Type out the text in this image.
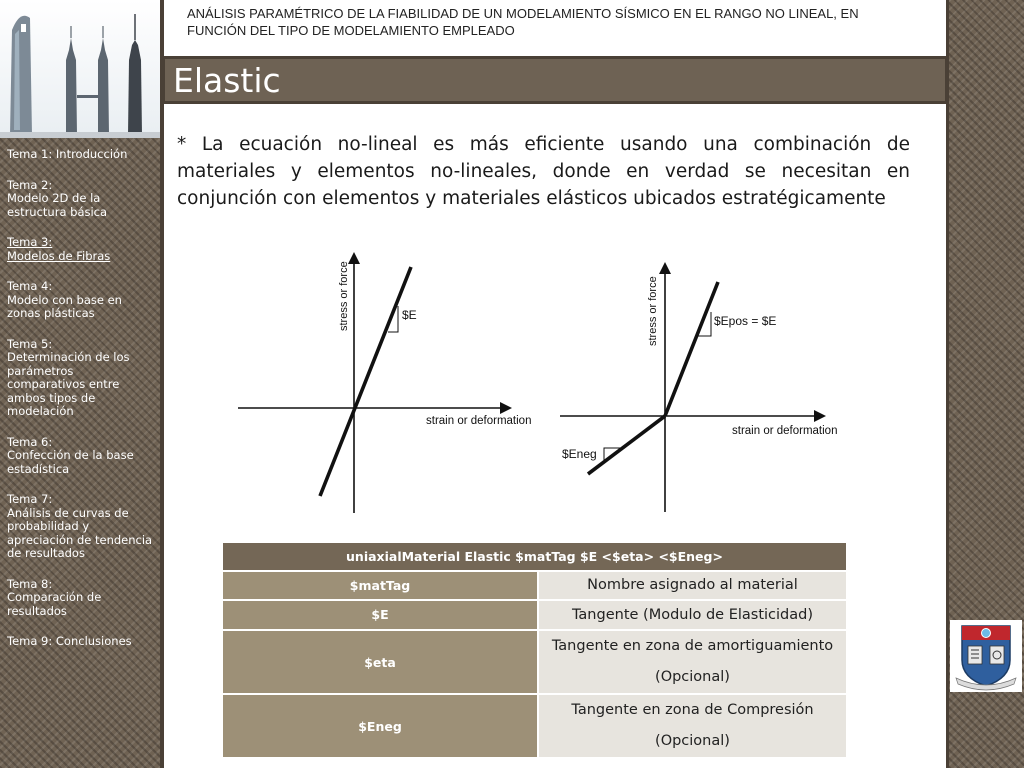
Tema 1: Introducción
Tema 2:
Modelo 2D de la estructura básica
Tema 3:
Modelos de Fibras
Tema 4:
Modelo con base en zonas plásticas
Tema 5:
Determinación de los parámetros comparativos entre ambos tipos de modelación
Tema 6:
Confección de la base estadística
Tema 7:
Análisis de curvas de probabilidad y apreciación de tendencia de resultados
Tema 8:
Comparación de resultados
Tema 9: Conclusiones
ANÁLISIS PARAMÉTRICO DE LA FIABILIDAD DE UN MODELAMIENTO SÍSMICO EN EL RANGO NO LINEAL, EN FUNCIÓN DEL TIPO DE MODELAMIENTO EMPLEADO
Elastic
* La ecuación no-lineal es más eficiente usando una combinación de materiales y elementos no-lineales, donde en verdad se necesitan en conjunción con elementos y materiales elásticos ubicados estratégicamente
$E
stress or force
strain or deformation
$Epos = $E
$Eneg
stress or force
strain or deformation
uniaxialMaterial Elastic $matTag $E <$eta> <$Eneg>	
$matTag	Nombre asignado al material
$E	Tangente (Modulo de Elasticidad)
$eta	Tangente en zona de amortiguamiento (Opcional)
$Eneg	Tangente en zona de Compresión (Opcional)
